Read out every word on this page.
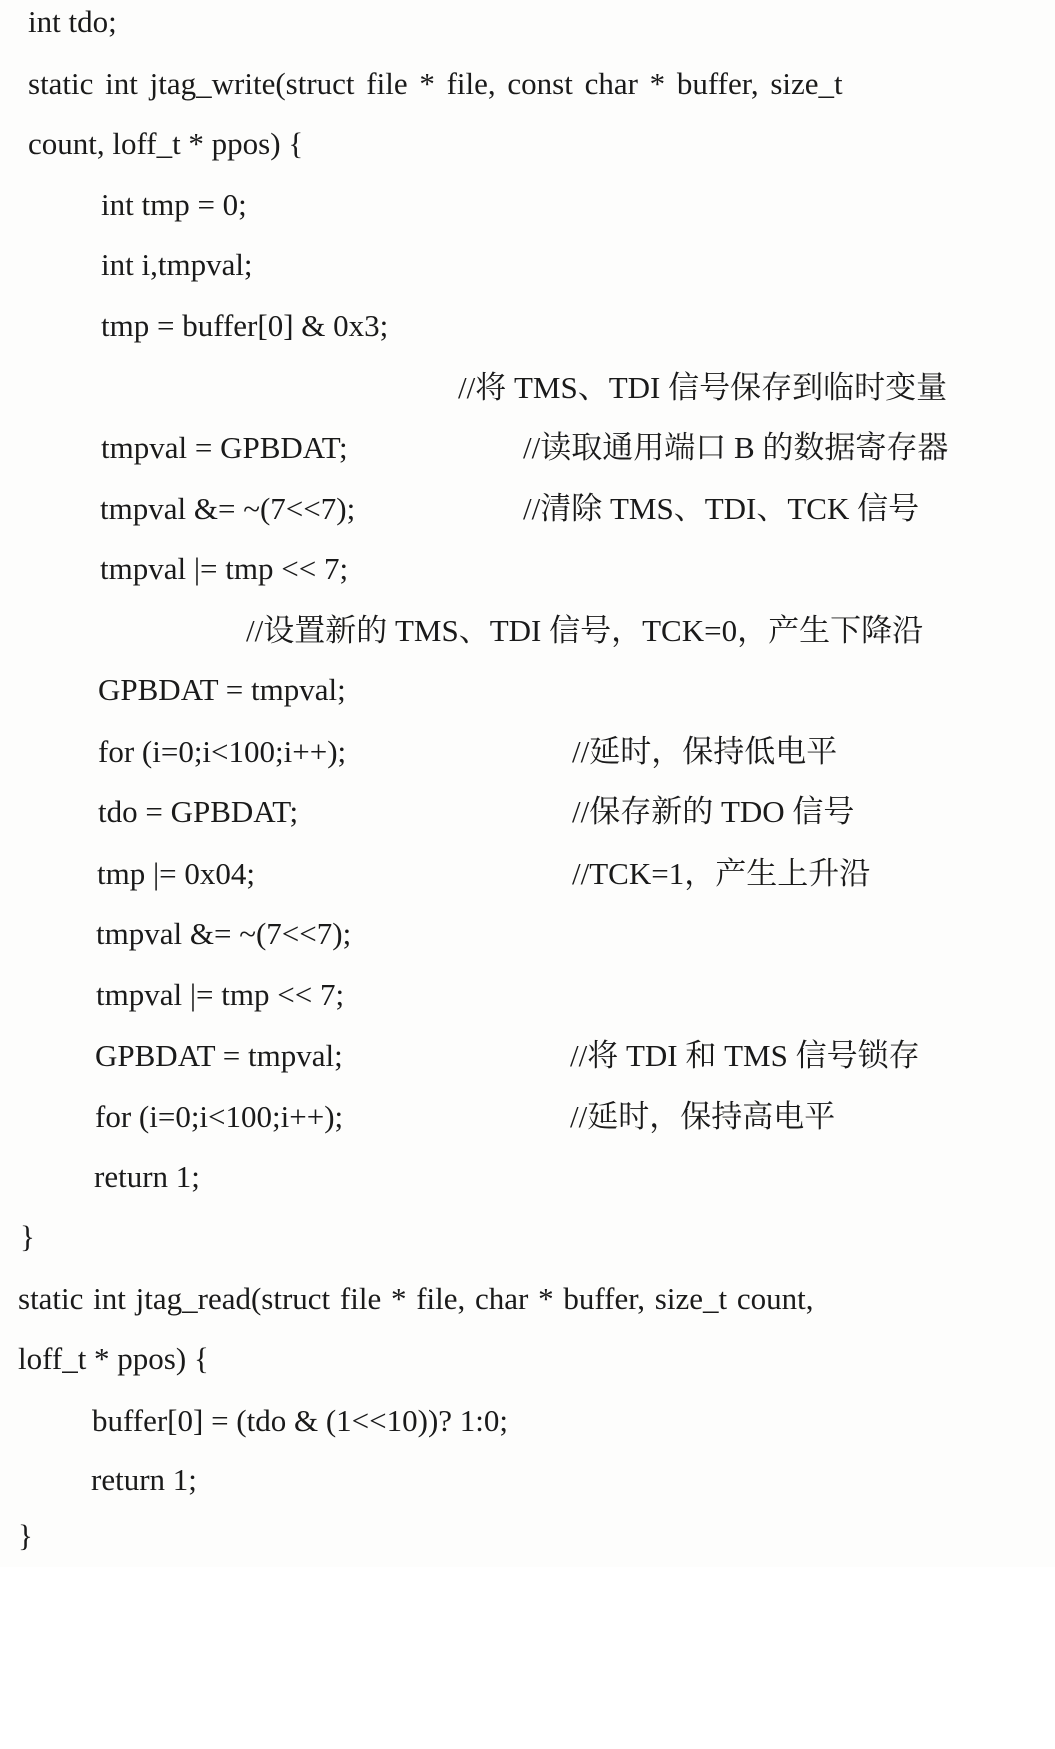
int tdo;

static int jtag_write(struct file * file, const char * buffer, size_t

count, loff_t * ppos) {

int tmp = 0;

int i,tmpval;

tmp = buffer[0] & 0x3;

//将 TMS、TDI 信号保存到临时变量

tmpval = GPBDAT;

	//读取通用端口 B 的数据寄存器

tmpval &= ~(7<<7);

	//清除 TMS、TDI、TCK 信号

tmpval |= tmp << 7;

//设置新的 TMS、TDI 信号，TCK=0，产生下降沿

GPBDAT = tmpval;

for (i=0;i<100;i++);

	//延时，保持低电平

tdo = GPBDAT;

	//保存新的 TDO 信号

tmp |= 0x04;

	//TCK=1，产生上升沿

tmpval &= ~(7<<7);

tmpval |= tmp << 7;

GPBDAT = tmpval;

	//将 TDI 和 TMS 信号锁存

for (i=0;i<100;i++);

	//延时，保持高电平

return 1;

}

static int jtag_read(struct file * file, char * buffer, size_t count,

loff_t * ppos) {

buffer[0] = (tdo & (1<<10))? 1:0;

return 1;

}
